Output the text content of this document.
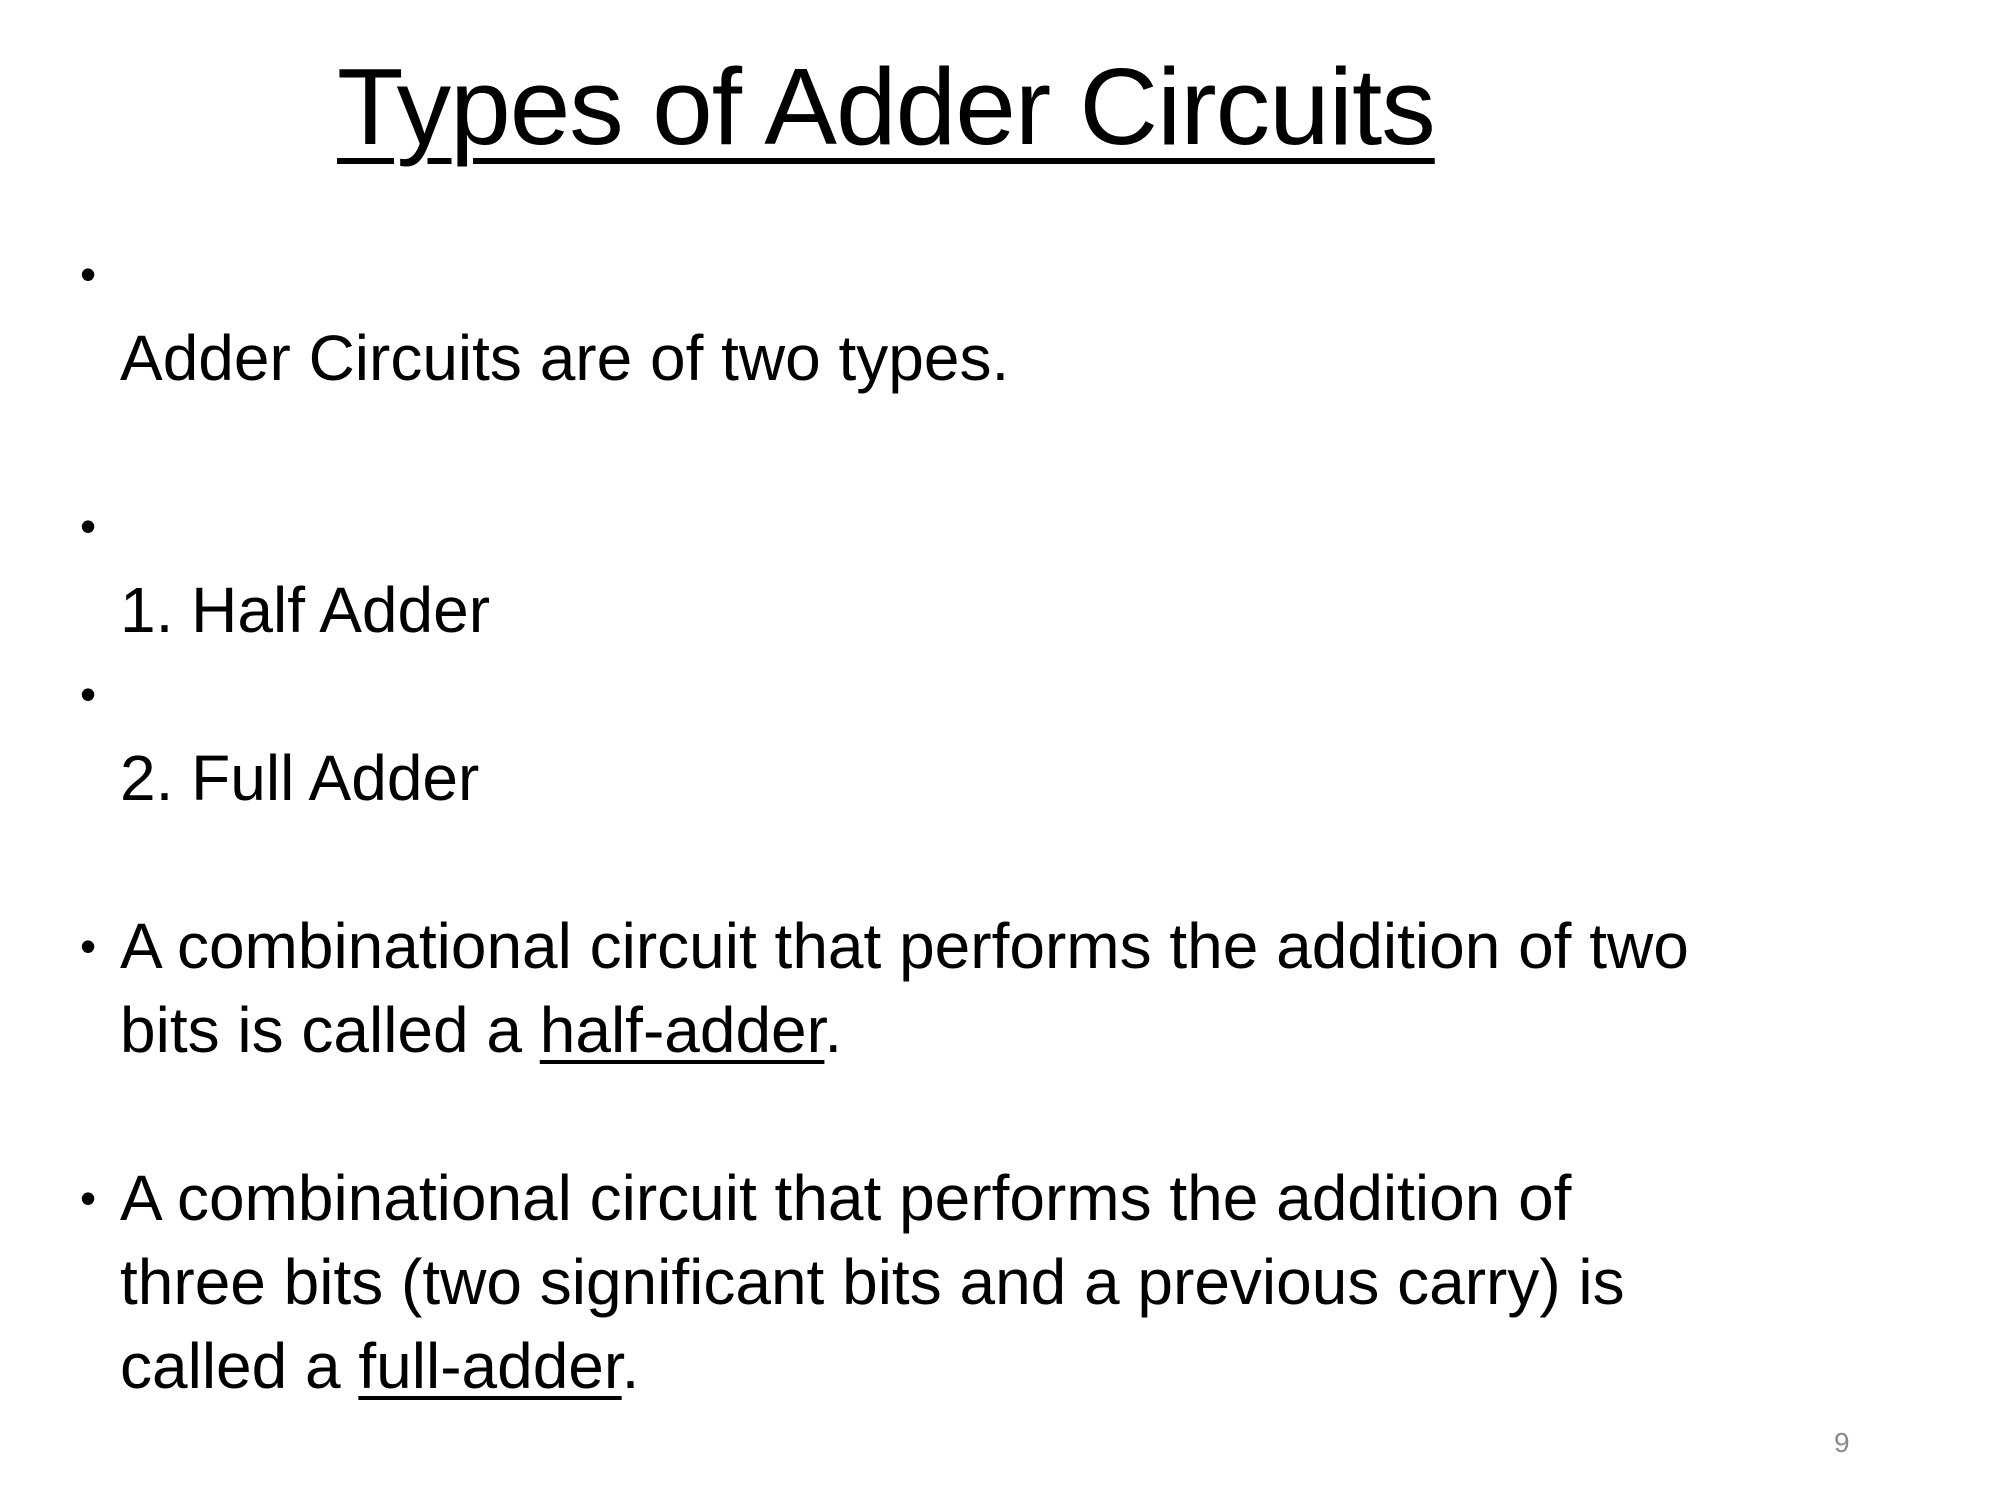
Types of Adder Circuits

• Adder Circuits are of two types.

• 1. Half Adder

• 2. Full Adder

• A combinational circuit that performs the addition of two
bits is called a half-adder.
• A combinational circuit that performs the addition of
three bits (two significant bits and a previous carry) is
called a full-adder.
9
